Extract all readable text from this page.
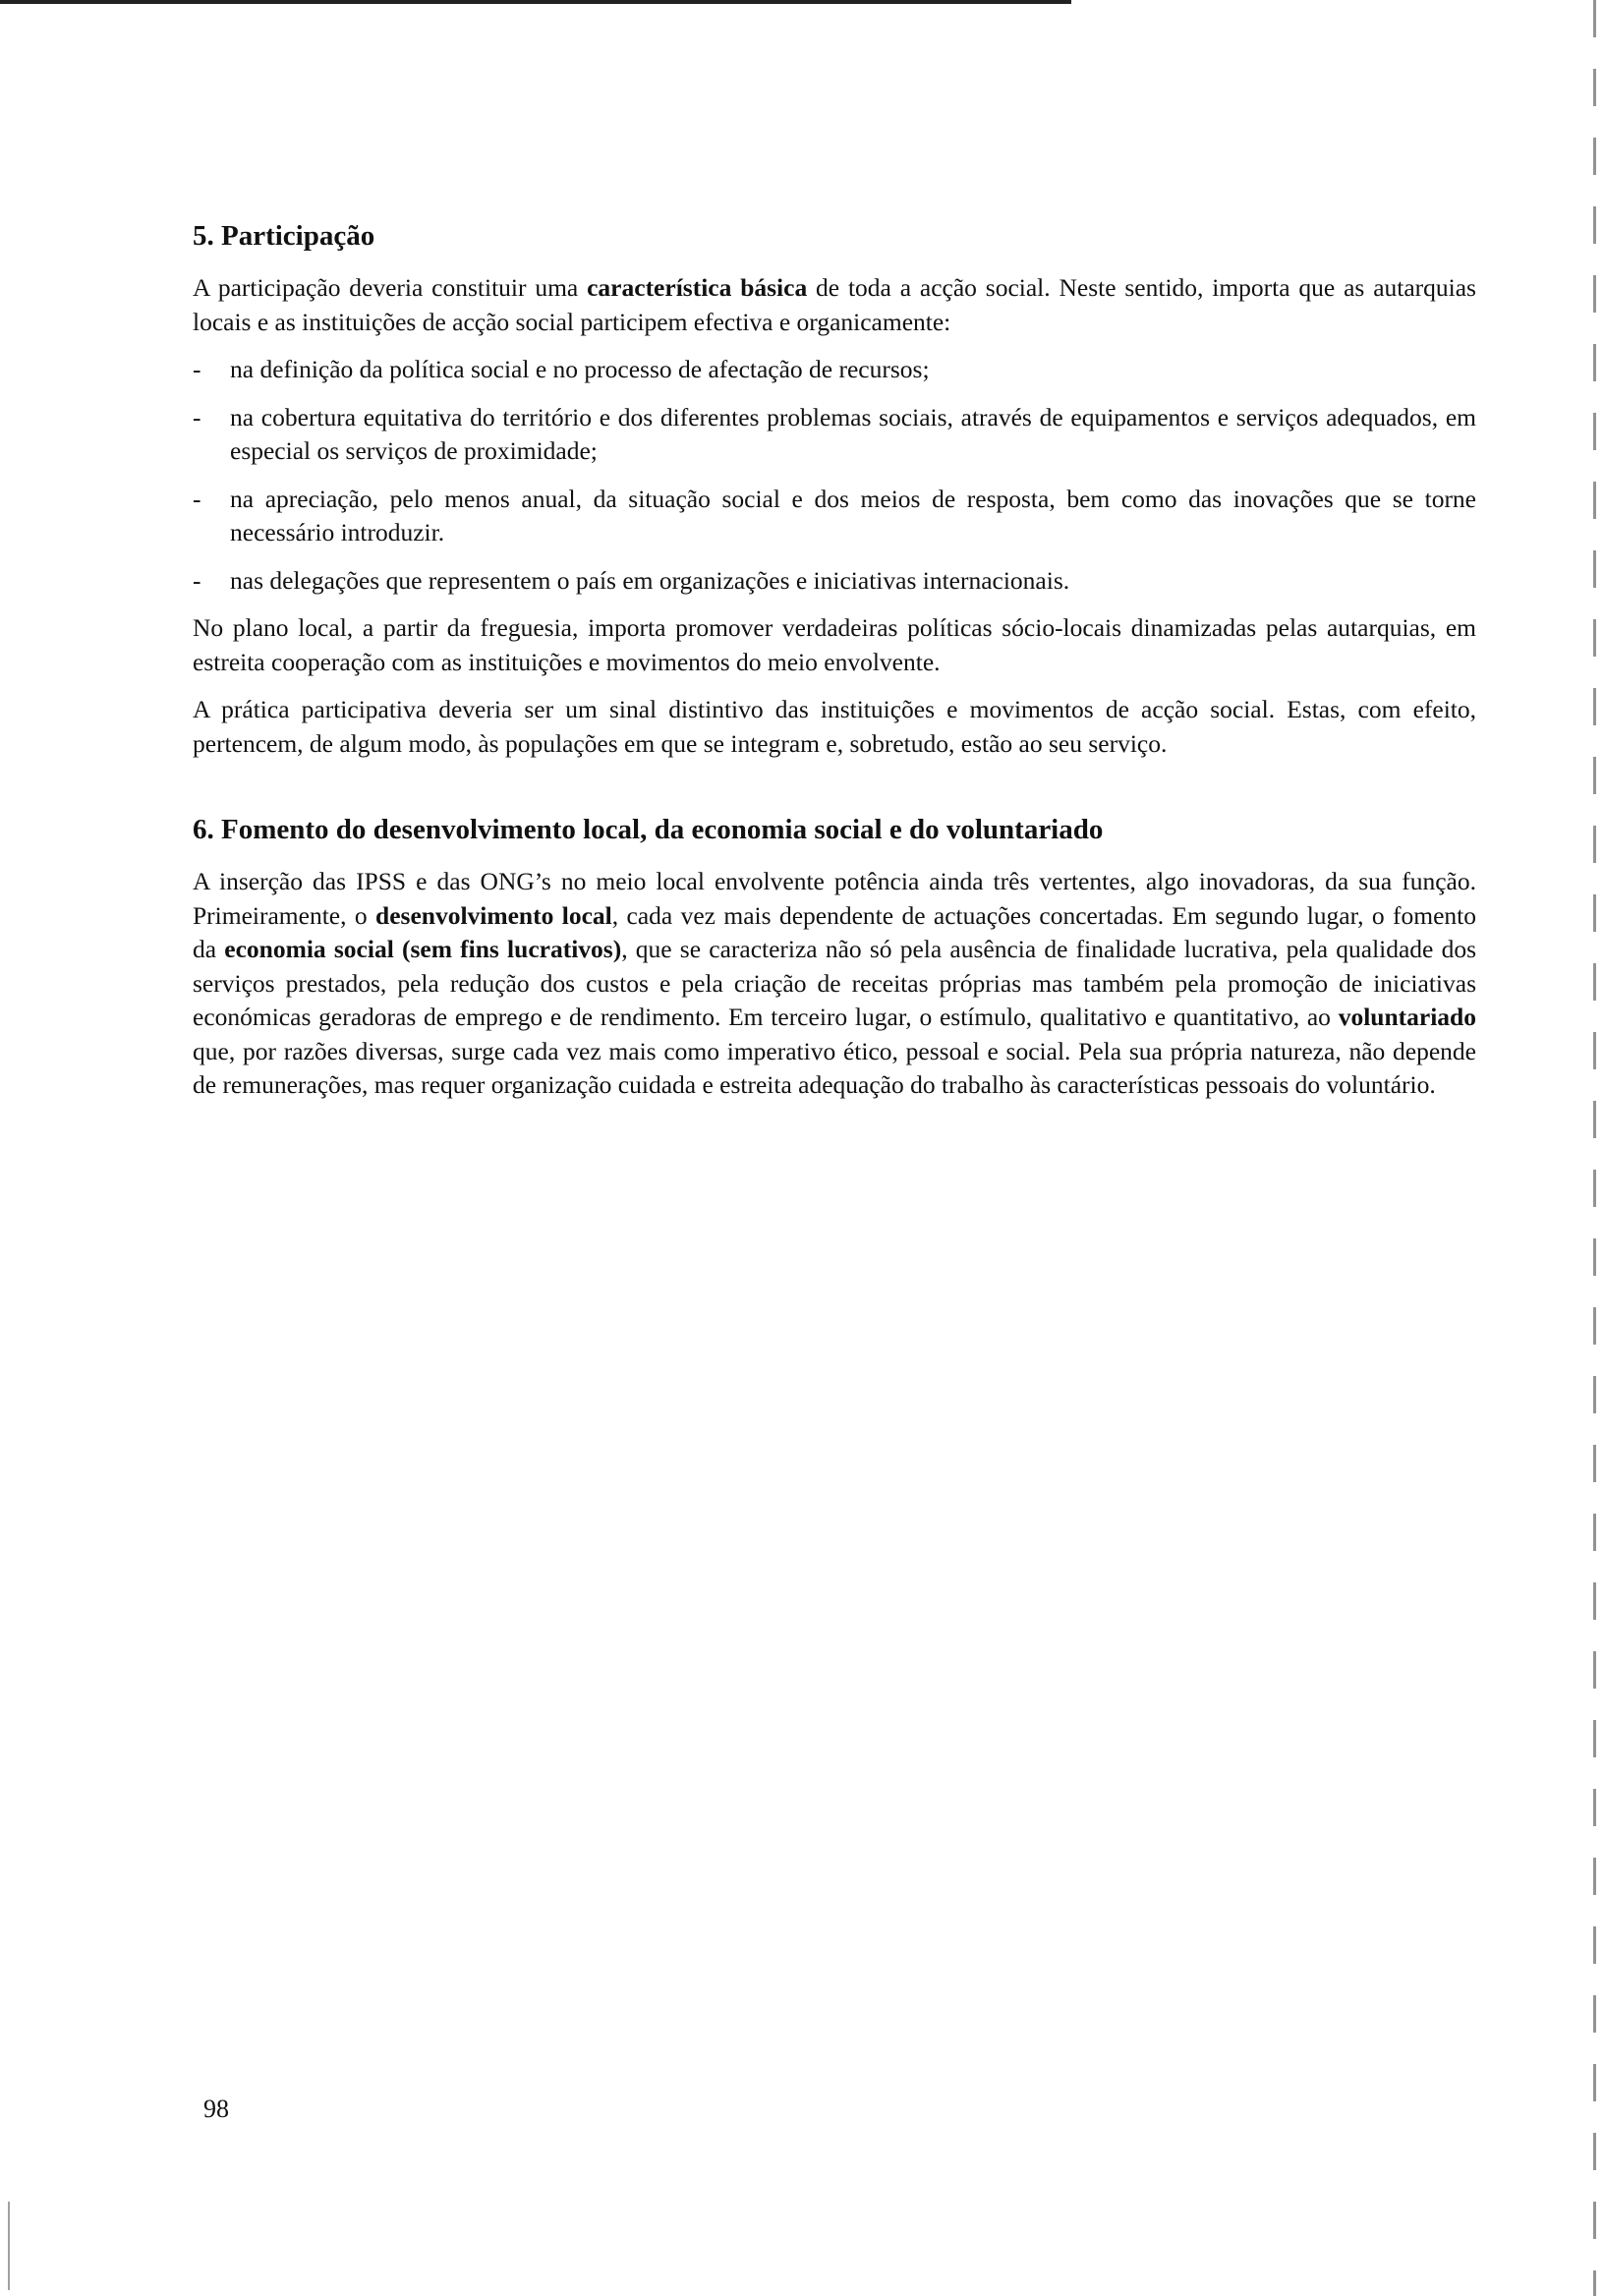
5. Participação

A participação deveria constituir uma característica básica de toda a acção social. Neste sentido, importa que as autarquias locais e as instituições de acção social participem efectiva e organicamente:

- na definição da política social e no processo de afectação de recursos;
- na cobertura equitativa do território e dos diferentes problemas sociais, através de equipamentos e serviços adequados, em especial os serviços de proximidade;
- na apreciação, pelo menos anual, da situação social e dos meios de resposta, bem como das inovações que se torne necessário introduzir.
- nas delegações que representem o país em organizações e iniciativas internacionais.

No plano local, a partir da freguesia, importa promover verdadeiras políticas sócio-locais dinamizadas pelas autarquias, em estreita cooperação com as instituições e movimentos do meio envolvente.

A prática participativa deveria ser um sinal distintivo das instituições e movimentos de acção social. Estas, com efeito, pertencem, de algum modo, às populações em que se integram e, sobretudo, estão ao seu serviço.

6. Fomento do desenvolvimento local, da economia social e do voluntariado

A inserção das IPSS e das ONG’s no meio local envolvente potência ainda três vertentes, algo inovadoras, da sua função. Primeiramente, o desenvolvimento local, cada vez mais dependente de actuações concertadas. Em segundo lugar, o fomento da economia social (sem fins lucrativos), que se caracteriza não só pela ausência de finalidade lucrativa, pela qualidade dos serviços prestados, pela redução dos custos e pela criação de receitas próprias mas também pela promoção de iniciativas económicas geradoras de emprego e de rendimento. Em terceiro lugar, o estímulo, qualitativo e quantitativo, ao voluntariado que, por razões diversas, surge cada vez mais como imperativo ético, pessoal e social. Pela sua própria natureza, não depende de remunerações, mas requer organização cuidada e estreita adequação do trabalho às características pessoais do voluntário.

98
